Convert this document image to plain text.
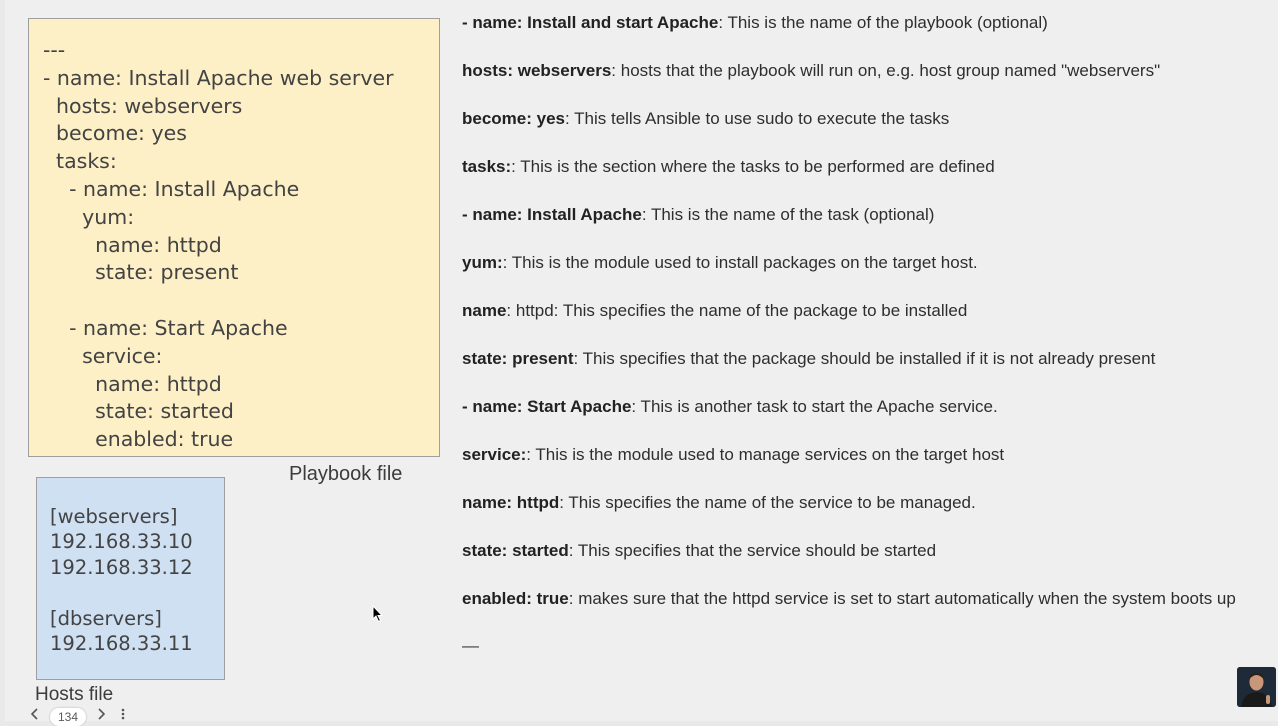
---
- name: Install Apache web server
hosts: webservers
become: yes
tasks:
- name: Install Apache
yum:
name: httpd
state: present

- name: Start Apache
service:
name: httpd
state: started
enabled: true
Playbook file
[webservers]
192.168.33.10
192.168.33.12

[dbservers]
192.168.33.11
Hosts file
- name: Install and start Apache: This is the name of the playbook (optional)
hosts: webservers: hosts that the playbook will run on, e.g. host group named "webservers"
become: yes: This tells Ansible to use sudo to execute the tasks
tasks:: This is the section where the tasks to be performed are defined
- name: Install Apache: This is the name of the task (optional)
yum:: This is the module used to install packages on the target host.
name: httpd: This specifies the name of the package to be installed
state: present: This specifies that the package should be installed if it is not already present
- name: Start Apache: This is another task to start the Apache service.
service:: This is the module used to manage services on the target host
name: httpd: This specifies the name of the service to be managed.
state: started: This specifies that the service should be started
enabled: true: makes sure that the httpd service is set to start automatically when the system boots up
—
134
